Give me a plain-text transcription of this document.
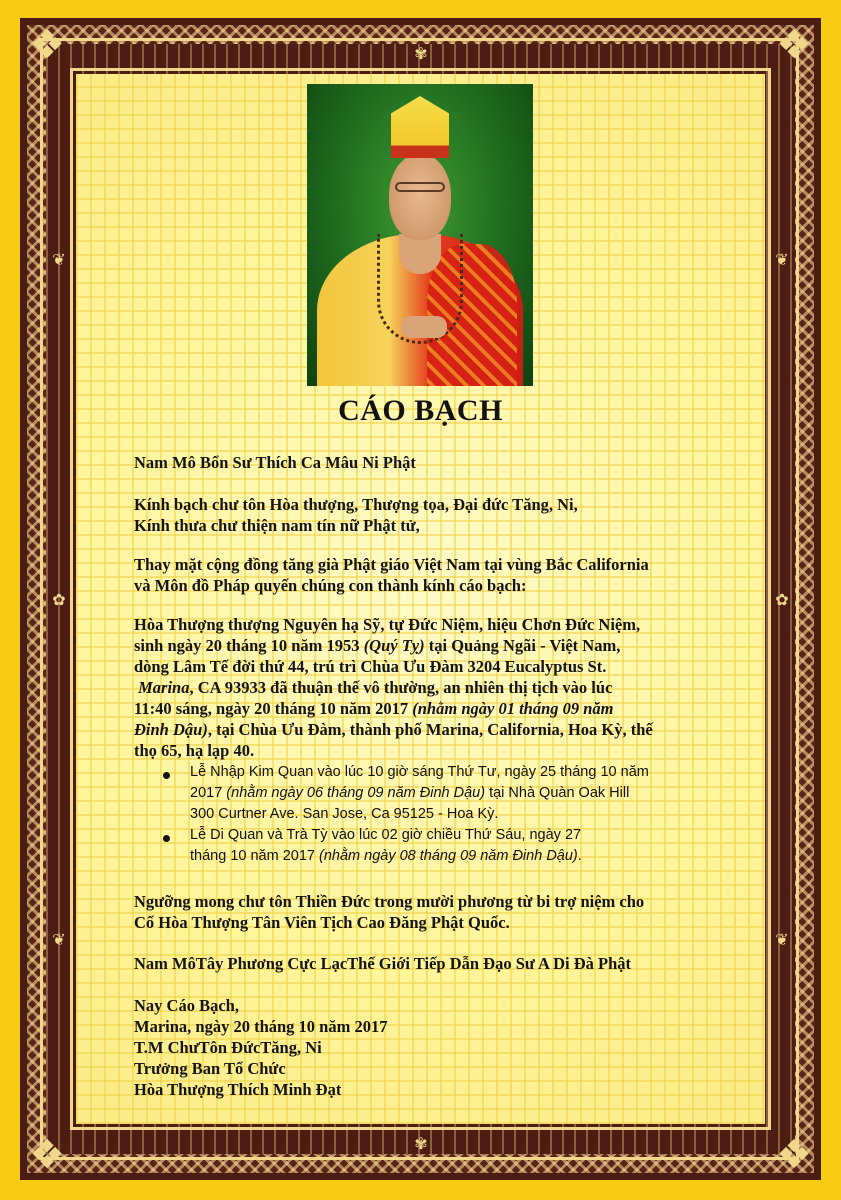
❖	❖
❖	❖
❦
✿
❦
❦
✿
❦
✾
✾
CÁO BẠCH
Nam Mô Bổn Sư Thích Ca Mâu Ni Phật
Kính bạch chư tôn Hòa thượng, Thượng tọa, Đại đức Tăng, Ni,
Kính thưa chư thiện nam tín nữ Phật tử,
Thay mặt cộng đồng tăng già Phật giáo Việt Nam tại vùng Bắc California
và Môn đồ Pháp quyến chúng con thành kính cáo bạch:
Hòa Thượng thượng Nguyên hạ Sỹ, tự Đức Niệm, hiệu Chơn Đức Niệm,
sinh ngày 20 tháng 10 năm 1953 (Quý Tỵ) tại Quảng Ngãi - Việt Nam,
dòng Lâm Tế đời thứ 44, trú trì Chùa Ưu Đàm 3204 Eucalyptus St.
Marina, CA 93933 đã thuận thế vô thường, an nhiên thị tịch vào lúc
11:40 sáng, ngày 20 tháng 10 năm 2017 (nhằm ngày 01 tháng 09 năm
Đinh Dậu), tại Chùa Ưu Đàm, thành phố Marina, California, Hoa Kỳ, thế
thọ 65, hạ lạp 40.
Lễ Nhập Kim Quan vào lúc 10 giờ sáng Thứ Tư, ngày 25 tháng 10 năm
2017 (nhằm ngày 06 tháng 09 năm Đinh Dậu) tại Nhà Quàn Oak Hill
300 Curtner Ave. San Jose, Ca 95125 - Hoa Kỳ.
Lễ Di Quan và Trà Tỳ vào lúc 02 giờ chiều Thứ Sáu, ngày 27
tháng 10 năm 2017 (nhằm ngày 08 tháng 09 năm Đinh Dậu).
Ngưỡng mong chư tôn Thiền Đức trong mười phương từ bi trợ niệm cho
Cố Hòa Thượng Tân Viên Tịch Cao Đăng Phật Quốc.
Nam MôTây Phương Cực LạcThế Giới Tiếp Dẫn Đạo Sư A Di Đà Phật
Nay Cáo Bạch,
Marina, ngày 20 tháng 10 năm 2017
T.M ChưTôn ĐứcTăng, Ni
Trưởng Ban Tổ Chức
Hòa Thượng Thích Minh Đạt
